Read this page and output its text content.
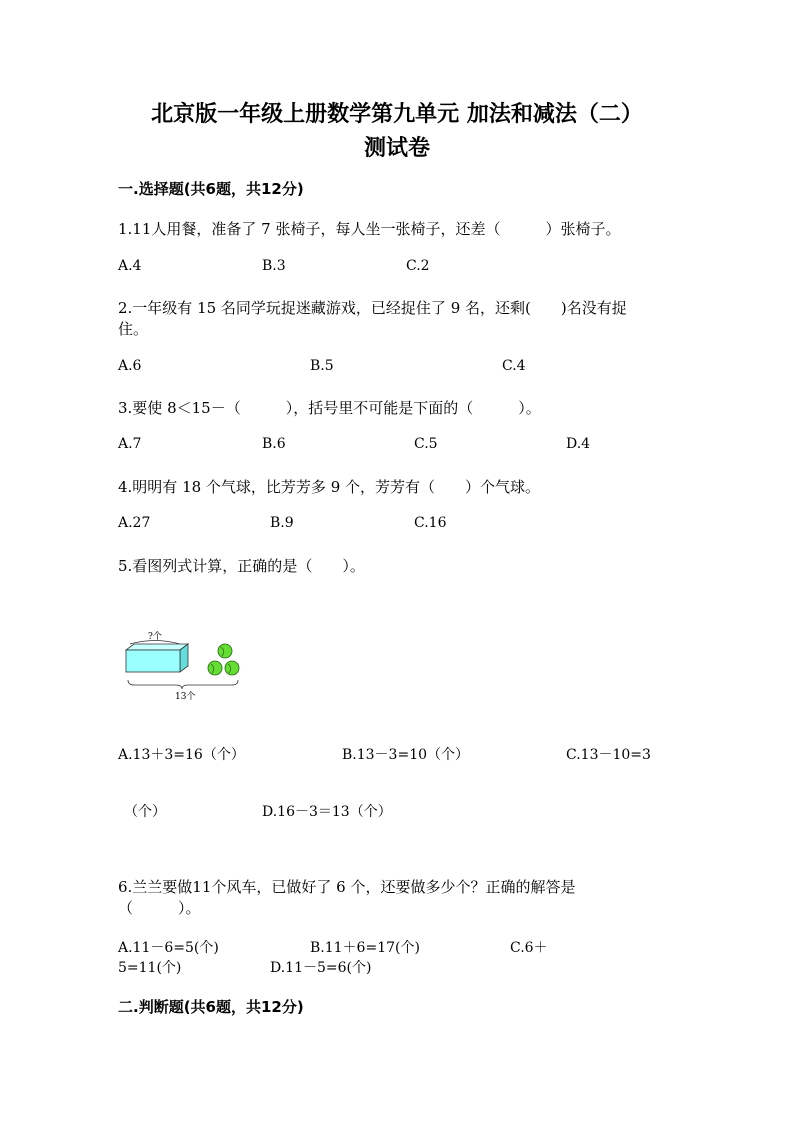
北京版一年级上册数学第九单元 加法和减法（二）
测试卷
一.选择题(共6题，共12分)
1.11人用餐，准备了 7 张椅子，每人坐一张椅子，还差（　　　）张椅子。
A.4	B.3	C.2
2.一年级有 15 名同学玩捉迷藏游戏，已经捉住了 9 名，还剩(　　)名没有捉
住。
A.6	B.5	C.4
3.要使 8＜15－（　　　），括号里不可能是下面的（　　　）。
A.7	B.6	C.5	D.4
4.明明有 18 个气球，比芳芳多 9 个，芳芳有（　　）个气球。
A.27	B.9	C.16
5.看图列式计算，正确的是（　　）。
?个
13个
A.13＋3=16（个）	B.13－3=10（个）	C.13－10=3
（个）	D.16－3＝13（个）
6.兰兰要做11个风车，已做好了 6 个，还要做多少个？正确的解答是
（　　　）。
A.11－6=5(个)	B.11＋6=17(个)	C.6＋
5=11(个)	D.11－5=6(个)
二.判断题(共6题，共12分)
